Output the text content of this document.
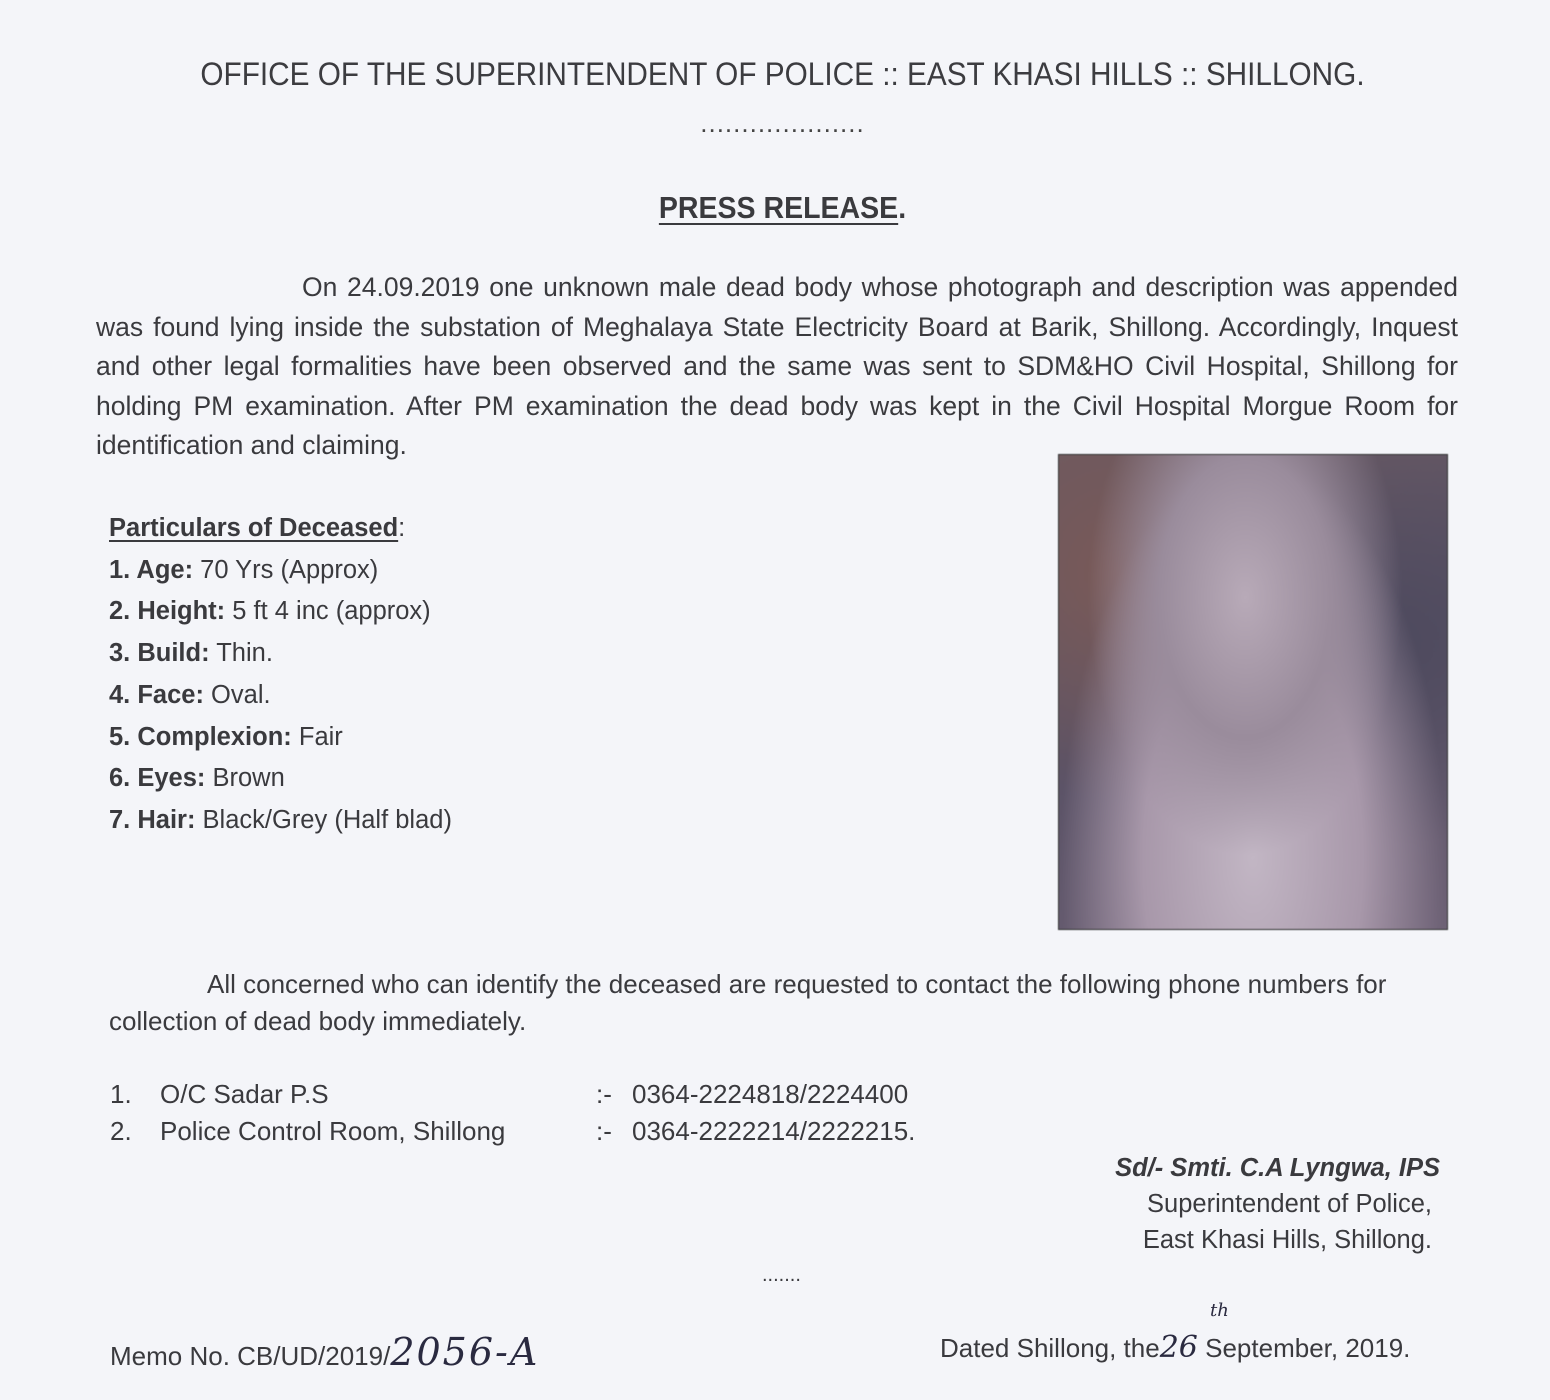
OFFICE OF THE SUPERINTENDENT OF POLICE :: EAST KHASI HILLS :: SHILLONG.
....................
PRESS RELEASE.
On 24.09.2019 one unknown male dead body whose photograph and description was appended was found lying inside the substation of Meghalaya State Electricity Board at Barik, Shillong. Accordingly, Inquest and other legal formalities have been observed and the same was sent to SDM&HO Civil Hospital, Shillong for holding PM examination. After PM examination the dead body was kept in the Civil Hospital Morgue Room for identification and claiming.
Particulars of Deceased:
1. Age: 70 Yrs (Approx)
2. Height: 5 ft 4 inc (approx)
3. Build: Thin.
4. Face: Oval.
5. Complexion: Fair
6. Eyes: Brown
7. Hair: Black/Grey (Half blad)
All concerned who can identify the deceased are requested to contact the following phone numbers for collection of dead body immediately.
1.	O/C Sadar P.S	:- 0364-2224818/2224400
2.	Police Control Room, Shillong	:- 0364-2222214/2222215.
Sd/- Smti. C.A Lyngwa, IPS
Superintendent of Police,
East Khasi Hills, Shillong.
.......
Memo No. CB/UD/2019/2056-A	Dated Shillong, the26
th
September, 2019.
